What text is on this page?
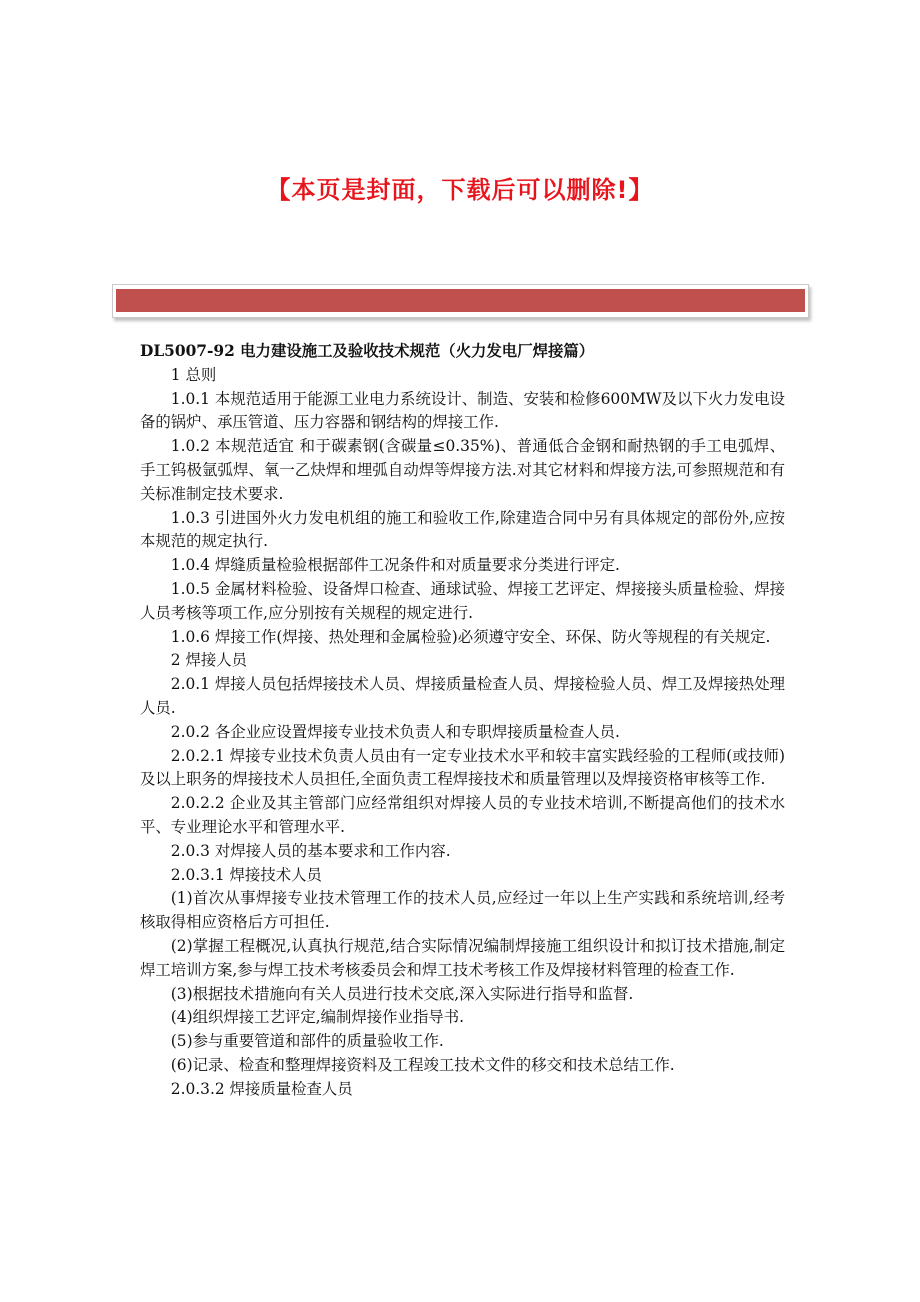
【本页是封面，下载后可以删除!】

DL5007-92 电力建设施工及验收技术规范（火力发电厂焊接篇）

1 总则

1.0.1 本规范适用于能源工业电力系统设计、制造、安装和检修600MW及以下火力发电设备的锅炉、承压管道、压力容器和钢结构的焊接工作.

1.0.2 本规范适宜 和于碳素钢(含碳量≤0.35%)、普通低合金钢和耐热钢的手工电弧焊、手工钨极氩弧焊、氧一乙炔焊和埋弧自动焊等焊接方法.对其它材料和焊接方法,可参照规范和有关标准制定技术要求.

1.0.3 引进国外火力发电机组的施工和验收工作,除建造合同中另有具体规定的部份外,应按本规范的规定执行.

1.0.4 焊缝质量检验根据部件工况条件和对质量要求分类进行评定.

1.0.5 金属材料检验、设备焊口检查、通球试验、焊接工艺评定、焊接接头质量检验、焊接人员考核等项工作,应分别按有关规程的规定进行.

1.0.6 焊接工作(焊接、热处理和金属检验)必须遵守安全、环保、防火等规程的有关规定.

2 焊接人员

2.0.1 焊接人员包括焊接技术人员、焊接质量检查人员、焊接检验人员、焊工及焊接热处理人员.

2.0.2 各企业应设置焊接专业技术负责人和专职焊接质量检查人员.

2.0.2.1 焊接专业技术负责人员由有一定专业技术水平和较丰富实践经验的工程师(或技师)及以上职务的焊接技术人员担任,全面负责工程焊接技术和质量管理以及焊接资格审核等工作.

2.0.2.2 企业及其主管部门应经常组织对焊接人员的专业技术培训,不断提高他们的技术水平、专业理论水平和管理水平.

2.0.3 对焊接人员的基本要求和工作内容.

2.0.3.1 焊接技术人员

(1)首次从事焊接专业技术管理工作的技术人员,应经过一年以上生产实践和系统培训,经考核取得相应资格后方可担任.

(2)掌握工程概况,认真执行规范,结合实际情况编制焊接施工组织设计和拟订技术措施,制定焊工培训方案,参与焊工技术考核委员会和焊工技术考核工作及焊接材料管理的检查工作.

(3)根据技术措施向有关人员进行技术交底,深入实际进行指导和监督.

(4)组织焊接工艺评定,编制焊接作业指导书.

(5)参与重要管道和部件的质量验收工作.

(6)记录、检查和整理焊接资料及工程竣工技术文件的移交和技术总结工作.

2.0.3.2 焊接质量检查人员
